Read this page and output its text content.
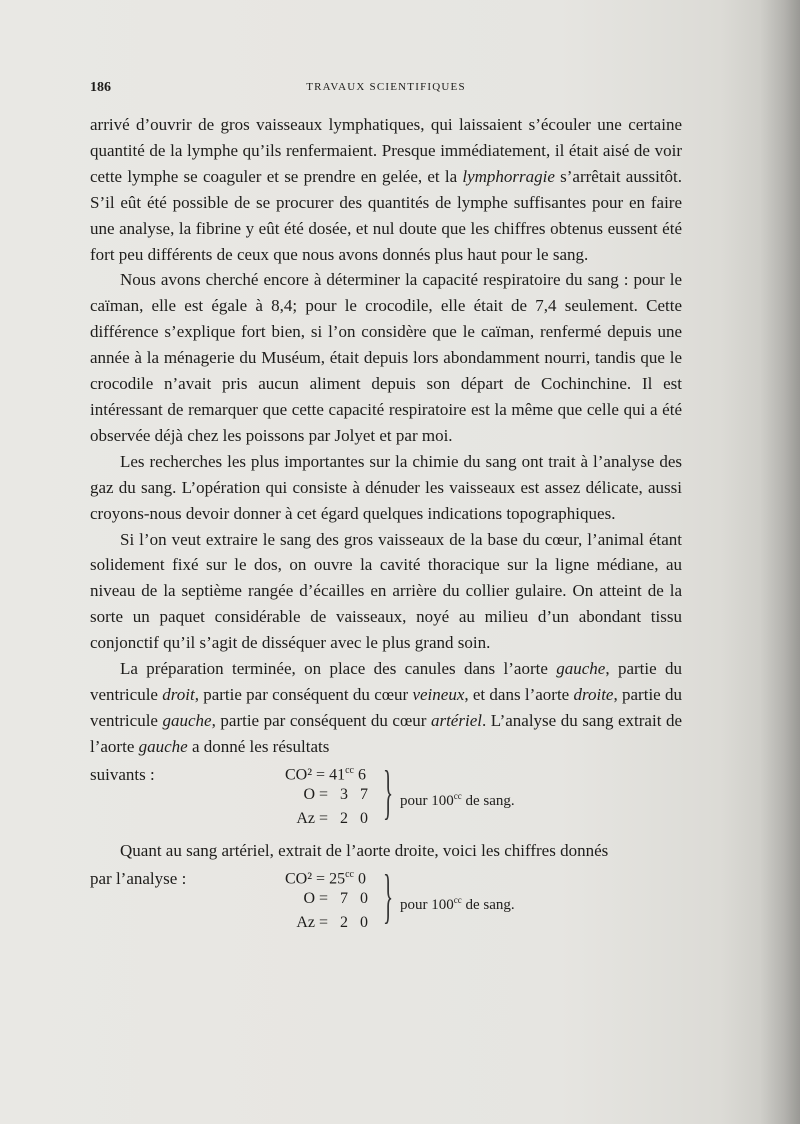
186	TRAVAUX SCIENTIFIQUES

arrivé d’ouvrir de gros vaisseaux lymphatiques, qui laissaient s’écouler une certaine quantité de la lymphe qu’ils renfermaient. Presque immédiatement, il était aisé de voir cette lymphe se coaguler et se prendre en gelée, et la lymphorragie s’arrêtait aussitôt. S’il eût été possible de se procurer des quantités de lymphe suffisantes pour en faire une analyse, la fibrine y eût été dosée, et nul doute que les chiffres obtenus eussent été fort peu différents de ceux que nous avons donnés plus haut pour le sang.

Nous avons cherché encore à déterminer la capacité respiratoire du sang : pour le caïman, elle est égale à 8,4; pour le crocodile, elle était de 7,4 seulement. Cette différence s’explique fort bien, si l’on considère que le caïman, renfermé depuis une année à la ménagerie du Muséum, était depuis lors abondamment nourri, tandis que le crocodile n’avait pris aucun aliment depuis son départ de Cochinchine. Il est intéressant de remarquer que cette capacité respiratoire est la même que celle qui a été observée déjà chez les poissons par Jolyet et par moi.

Les recherches les plus importantes sur la chimie du sang ont trait à l’analyse des gaz du sang. L’opération qui consiste à dénuder les vaisseaux est assez délicate, aussi croyons-nous devoir donner à cet égard quelques indications topographiques.

Si l’on veut extraire le sang des gros vaisseaux de la base du cœur, l’animal étant solidement fixé sur le dos, on ouvre la cavité thoracique sur la ligne médiane, au niveau de la septième rangée d’écailles en arrière du collier gulaire. On atteint de la sorte un paquet considérable de vaisseaux, noyé au milieu d’un abondant tissu conjonctif qu’il s’agit de disséquer avec le plus grand soin.

La préparation terminée, on place des canules dans l’aorte gauche, partie du ventricule droit, partie par conséquent du cœur veineux, et dans l’aorte droite, partie du ventricule gauche, partie par conséquent du cœur artériel. L’analyse du sang extrait de l’aorte gauche a donné les résultats

suivants :	$CO^2 = 41^{cc}$ 6
O = 3 7
Az = 2 0 } pour $100^{cc}$ de sang.

Quant au sang artériel, extrait de l’aorte droite, voici les chiffres donnés

par l’analyse :	$CO^2 = 25^{cc}$ 0
O = 7 0
Az = 2 0 } pour $100^{cc}$ de sang.
